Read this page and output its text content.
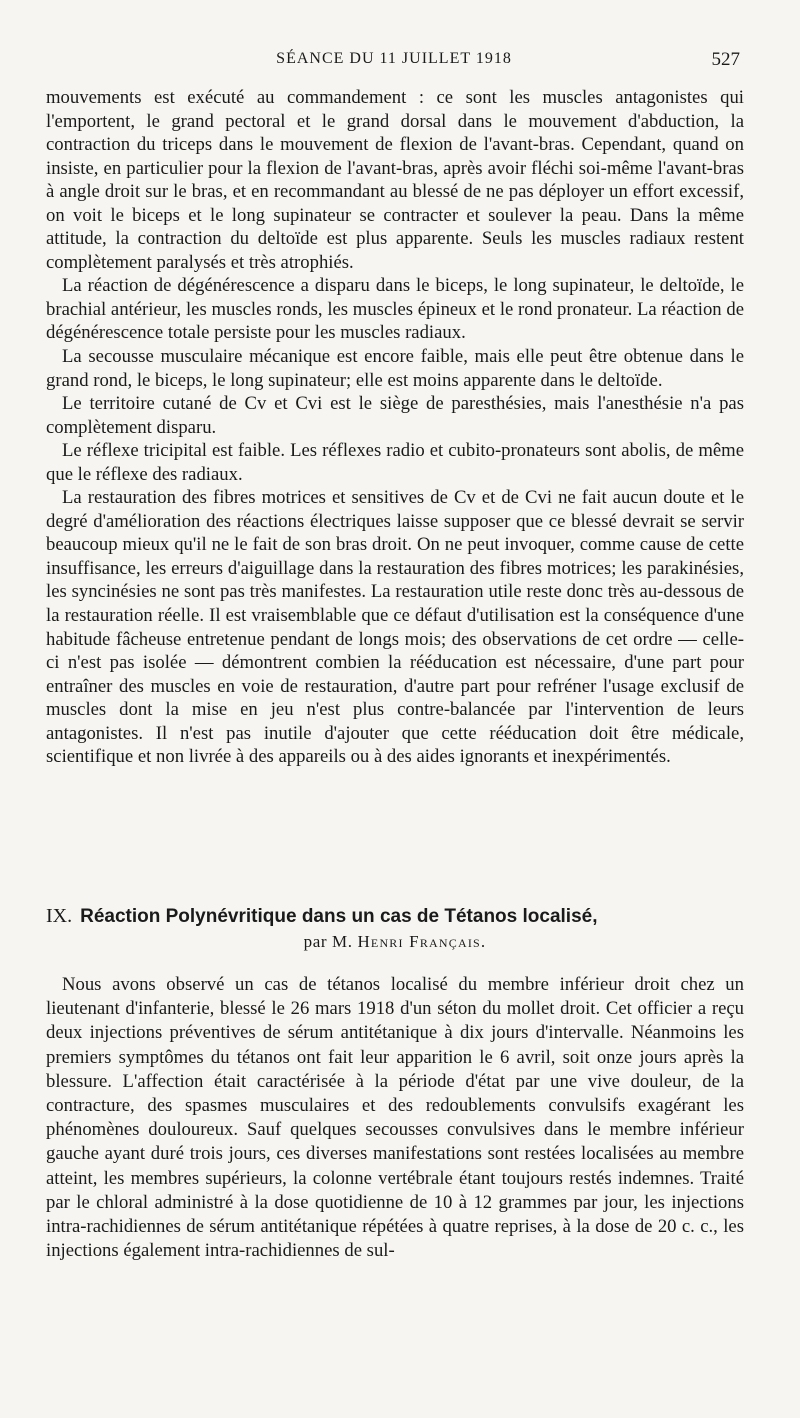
SÉANCE DU 11 JUILLET 1918	527

mouvements est exécuté au commandement : ce sont les muscles antagonistes qui l'emportent, le grand pectoral et le grand dorsal dans le mouvement d'abduction, la contraction du triceps dans le mouvement de flexion de l'avant-bras. Cependant, quand on insiste, en particulier pour la flexion de l'avant-bras, après avoir fléchi soi-même l'avant-bras à angle droit sur le bras, et en recommandant au blessé de ne pas déployer un effort excessif, on voit le biceps et le long supinateur se contracter et soulever la peau. Dans la même attitude, la contraction du deltoïde est plus apparente. Seuls les muscles radiaux restent complètement paralysés et très atrophiés.

La réaction de dégénérescence a disparu dans le biceps, le long supinateur, le deltoïde, le brachial antérieur, les muscles ronds, les muscles épineux et le rond pronateur. La réaction de dégénérescence totale persiste pour les muscles radiaux.

La secousse musculaire mécanique est encore faible, mais elle peut être obtenue dans le grand rond, le biceps, le long supinateur; elle est moins apparente dans le deltoïde.

Le territoire cutané de Cv et Cvi est le siège de paresthésies, mais l'anesthésie n'a pas complètement disparu.

Le réflexe tricipital est faible. Les réflexes radio et cubito-pronateurs sont abolis, de même que le réflexe des radiaux.

La restauration des fibres motrices et sensitives de Cv et de Cvi ne fait aucun doute et le degré d'amélioration des réactions électriques laisse supposer que ce blessé devrait se servir beaucoup mieux qu'il ne le fait de son bras droit. On ne peut invoquer, comme cause de cette insuffisance, les erreurs d'aiguillage dans la restauration des fibres motrices; les parakinésies, les syncinésies ne sont pas très manifestes. La restauration utile reste donc très au-dessous de la restauration réelle. Il est vraisemblable que ce défaut d'utilisation est la conséquence d'une habitude fâcheuse entretenue pendant de longs mois; des observations de cet ordre — celle-ci n'est pas isolée — démontrent combien la rééducation est nécessaire, d'une part pour entraîner des muscles en voie de restauration, d'autre part pour refréner l'usage exclusif de muscles dont la mise en jeu n'est plus contre-balancée par l'intervention de leurs antagonistes. Il n'est pas inutile d'ajouter que cette rééducation doit être médicale, scientifique et non livrée à des appareils ou à des aides ignorants et inexpérimentés.

IX. Réaction Polynévritique dans un cas de Tétanos localisé,
par M. Henri Français.

Nous avons observé un cas de tétanos localisé du membre inférieur droit chez un lieutenant d'infanterie, blessé le 26 mars 1918 d'un séton du mollet droit. Cet officier a reçu deux injections préventives de sérum antitétanique à dix jours d'intervalle. Néanmoins les premiers symptômes du tétanos ont fait leur apparition le 6 avril, soit onze jours après la blessure. L'affection était caractérisée à la période d'état par une vive douleur, de la contracture, des spasmes musculaires et des redoublements convulsifs exagérant les phénomènes douloureux. Sauf quelques secousses convulsives dans le membre inférieur gauche ayant duré trois jours, ces diverses manifestations sont restées localisées au membre atteint, les membres supérieurs, la colonne vertébrale étant toujours restés indemnes. Traité par le chloral administré à la dose quotidienne de 10 à 12 grammes par jour, les injections intra-rachidiennes de sérum antitétanique répétées à quatre reprises, à la dose de 20 c. c., les injections également intra-rachidiennes de sul-
